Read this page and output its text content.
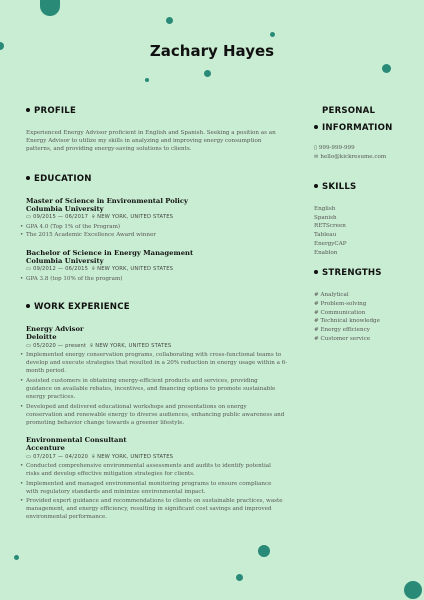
Zachary Hayes
PROFILE
Experienced Energy Advisor proficient in English and Spanish. Seeking a position as an
Energy Advisor to utilize my skills in analyzing and improving energy consumption
patterns, and providing energy-saving solutions to clients.
EDUCATION
Master of Science in Environmental Policy
Columbia University
▭ 09/2015 — 06/2017 ⌾ NEW YORK, UNITED STATES
• GPA 4.0 (Top 1% of the Program)
• The 2015 Academic Excellence Award winner
Bachelor of Science in Energy Management
Columbia University
▭ 09/2012 — 06/2015 ⌾ NEW YORK, UNITED STATES
• GPA 3.8 (top 10% of the program)
WORK EXPERIENCE
Energy Advisor
Deloitte
▭ 05/2020 — present ⌾ NEW YORK, UNITED STATES
• Implemented energy conservation programs, collaborating with cross-functional teams to
develop and execute strategies that resulted in a 20% reduction in energy usage within a 6-
month period.
• Assisted customers in obtaining energy-efficient products and services, providing
guidance on available rebates, incentives, and financing options to promote sustainable
energy practices.
• Developed and delivered educational workshops and presentations on energy
conservation and renewable energy to diverse audiences, enhancing public awareness and
promoting behavior change towards a greener lifestyle.
Environmental Consultant
Accenture
▭ 07/2017 — 04/2020 ⌾ NEW YORK, UNITED STATES
• Conducted comprehensive environmental assessments and audits to identify potential
risks and develop effective mitigation strategies for clients.
• Implemented and managed environmental monitoring programs to ensure compliance
with regulatory standards and minimize environmental impact.
• Provided expert guidance and recommendations to clients on sustainable practices, waste
management, and energy efficiency, resulting in significant cost savings and improved
environmental performance.
PERSONAL
INFORMATION
▯ 999-999-999
✉ hello@kickresume.com
SKILLS
English
Spanish
RETScreen
Tableau
EnergyCAP
Enablon
STRENGTHS
# Analytical
# Problem-solving
# Communication
# Technical knowledge
# Energy efficiency
# Customer service
